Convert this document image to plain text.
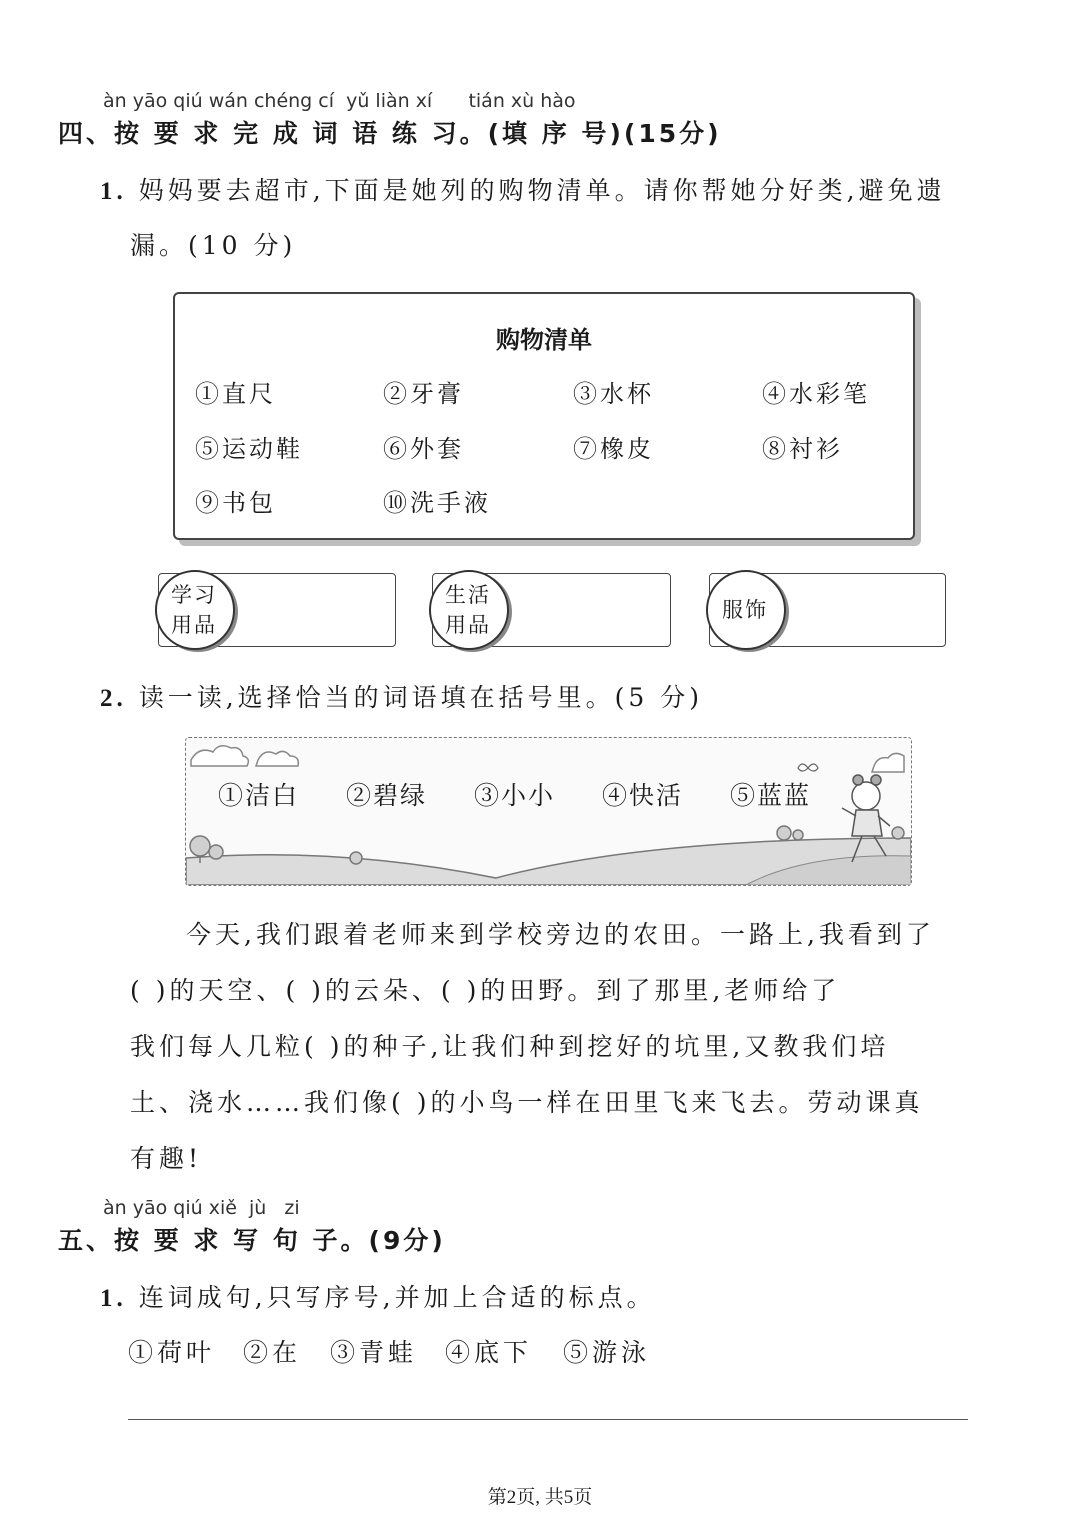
àn yāo qiú wán chéng cí  yǔ liàn xí      tián xù hào
四、按 要 求 完 成 词 语 练 习。(填 序 号)(15分)
1. 妈妈要去超市,下面是她列的购物清单。请你帮她分好类,避免遗
漏。(10 分)
购物清单
①直尺	②牙膏	③水杯	④水彩笔
⑤运动鞋	⑥外套	⑦橡皮	⑧衬衫
⑨书包	⑩洗手液
学习
用品
生活
用品
服饰
2. 读一读,选择恰当的词语填在括号里。(5 分)
①洁白 ②碧绿 ③小小 ④快活 ⑤蓝蓝
今天,我们跟着老师来到学校旁边的农田。一路上,我看到了
( )的天空、( )的云朵、( )的田野。到了那里,老师给了
我们每人几粒( )的种子,让我们种到挖好的坑里,又教我们培
土、浇水……我们像( )的小鸟一样在田里飞来飞去。劳动课真
有趣!
àn yāo qiú xiě  jù   zi
五、按 要 求 写 句 子。(9分)
1. 连词成句,只写序号,并加上合适的标点。
①荷叶 ②在 ③青蛙 ④底下 ⑤游泳
第2页, 共5页
